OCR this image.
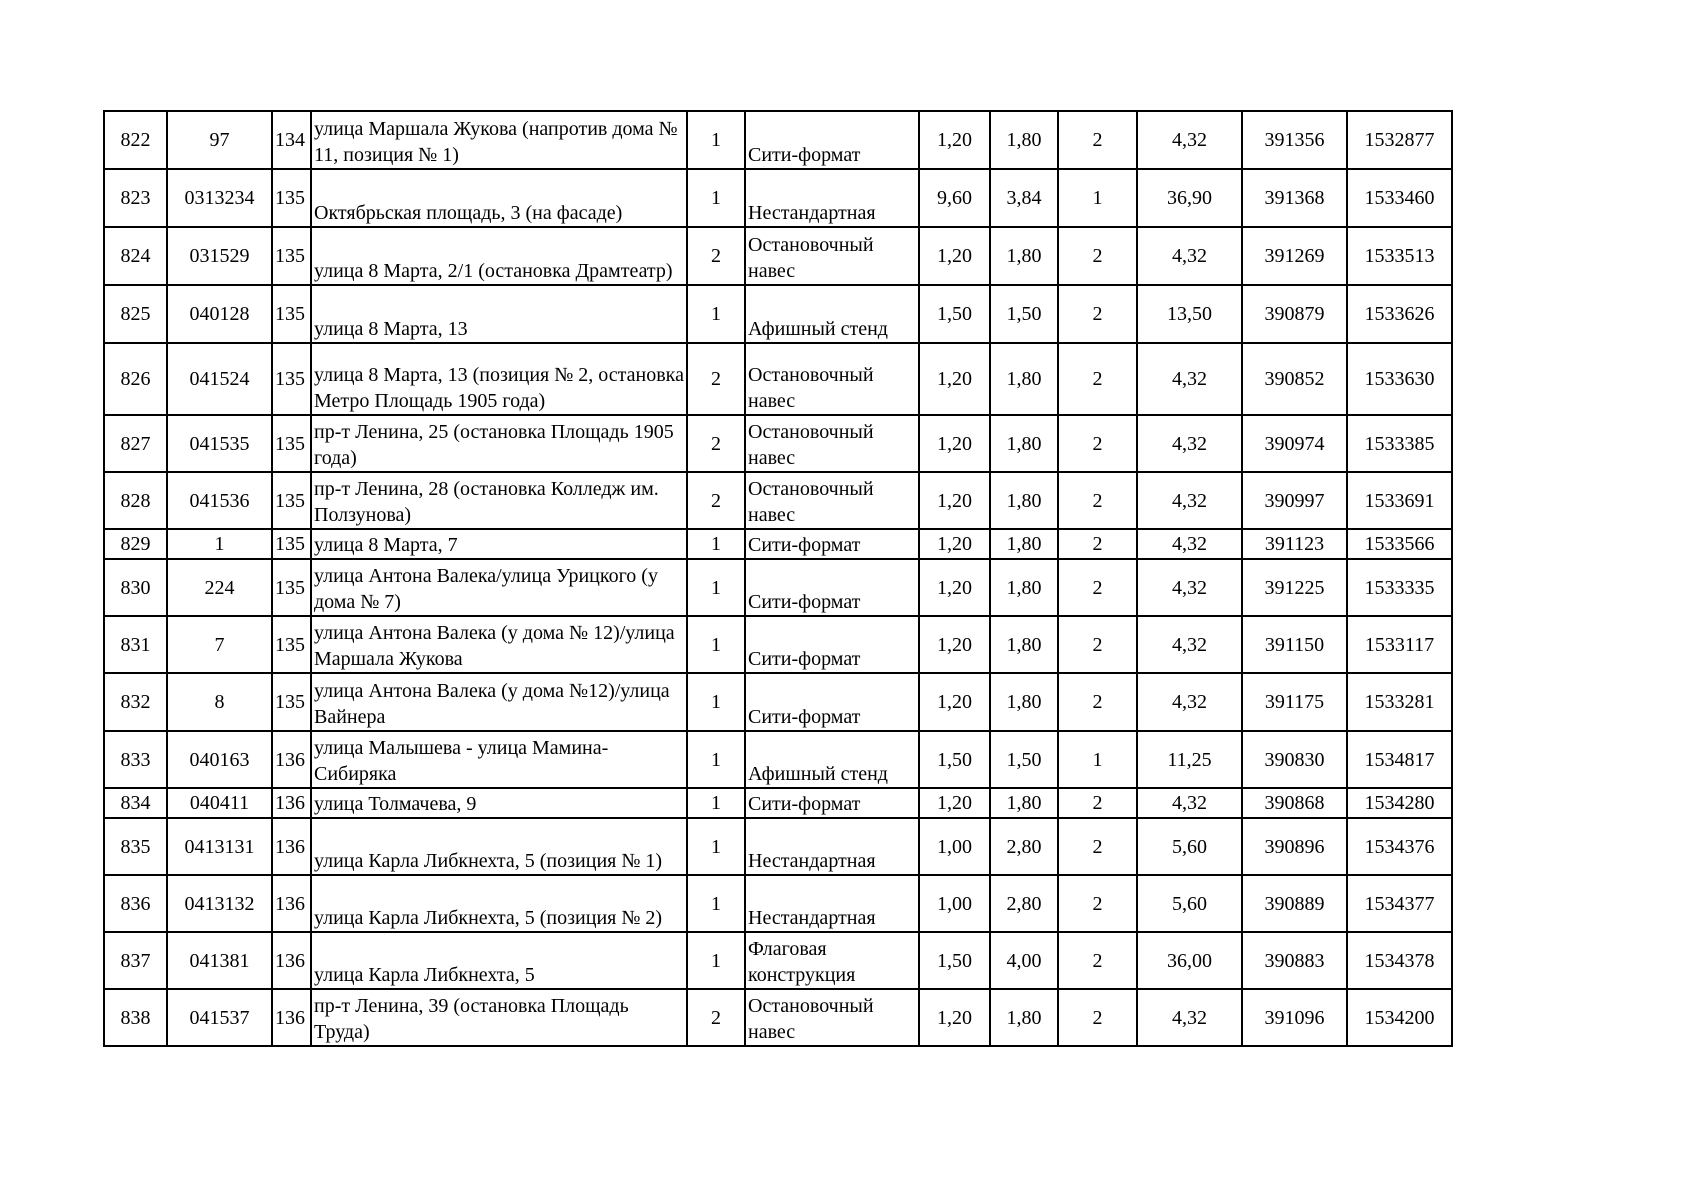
822	97	134	улица Маршала Жукова (напротив дома № 11, позиция № 1)	1	Сити-формат	1,20	1,80	2	4,32	391356	1532877
823	0313234	135	Октябрьская площадь, 3 (на фасаде)	1	Нестандартная	9,60	3,84	1	36,90	391368	1533460
824	031529	135	улица 8 Марта, 2/1 (остановка Драмтеатр)	2	Остановочный навес	1,20	1,80	2	4,32	391269	1533513
825	040128	135	улица 8 Марта, 13	1	Афишный стенд	1,50	1,50	2	13,50	390879	1533626
826	041524	135	улица 8 Марта, 13 (позиция № 2, остановка Метро Площадь 1905 года)	2	Остановочный навес	1,20	1,80	2	4,32	390852	1533630
827	041535	135	пр-т Ленина, 25 (остановка Площадь 1905 года)	2	Остановочный навес	1,20	1,80	2	4,32	390974	1533385
828	041536	135	пр-т Ленина, 28 (остановка Колледж им. Ползунова)	2	Остановочный навес	1,20	1,80	2	4,32	390997	1533691
829	1	135	улица 8 Марта, 7	1	Сити-формат	1,20	1,80	2	4,32	391123	1533566
830	224	135	улица Антона Валека/улица Урицкого (у дома № 7)	1	Сити-формат	1,20	1,80	2	4,32	391225	1533335
831	7	135	улица Антона Валека (у дома № 12)/улица Маршала Жукова	1	Сити-формат	1,20	1,80	2	4,32	391150	1533117
832	8	135	улица Антона Валека (у дома №12)/улица Вайнера	1	Сити-формат	1,20	1,80	2	4,32	391175	1533281
833	040163	136	улица Малышева - улица Мамина-Сибиряка	1	Афишный стенд	1,50	1,50	1	11,25	390830	1534817
834	040411	136	улица Толмачева, 9	1	Сити-формат	1,20	1,80	2	4,32	390868	1534280
835	0413131	136	улица Карла Либкнехта, 5 (позиция № 1)	1	Нестандартная	1,00	2,80	2	5,60	390896	1534376
836	0413132	136	улица Карла Либкнехта, 5 (позиция № 2)	1	Нестандартная	1,00	2,80	2	5,60	390889	1534377
837	041381	136	улица Карла Либкнехта, 5	1	Флаговая конструкция	1,50	4,00	2	36,00	390883	1534378
838	041537	136	пр-т Ленина, 39 (остановка Площадь Труда)	2	Остановочный навес	1,20	1,80	2	4,32	391096	1534200
